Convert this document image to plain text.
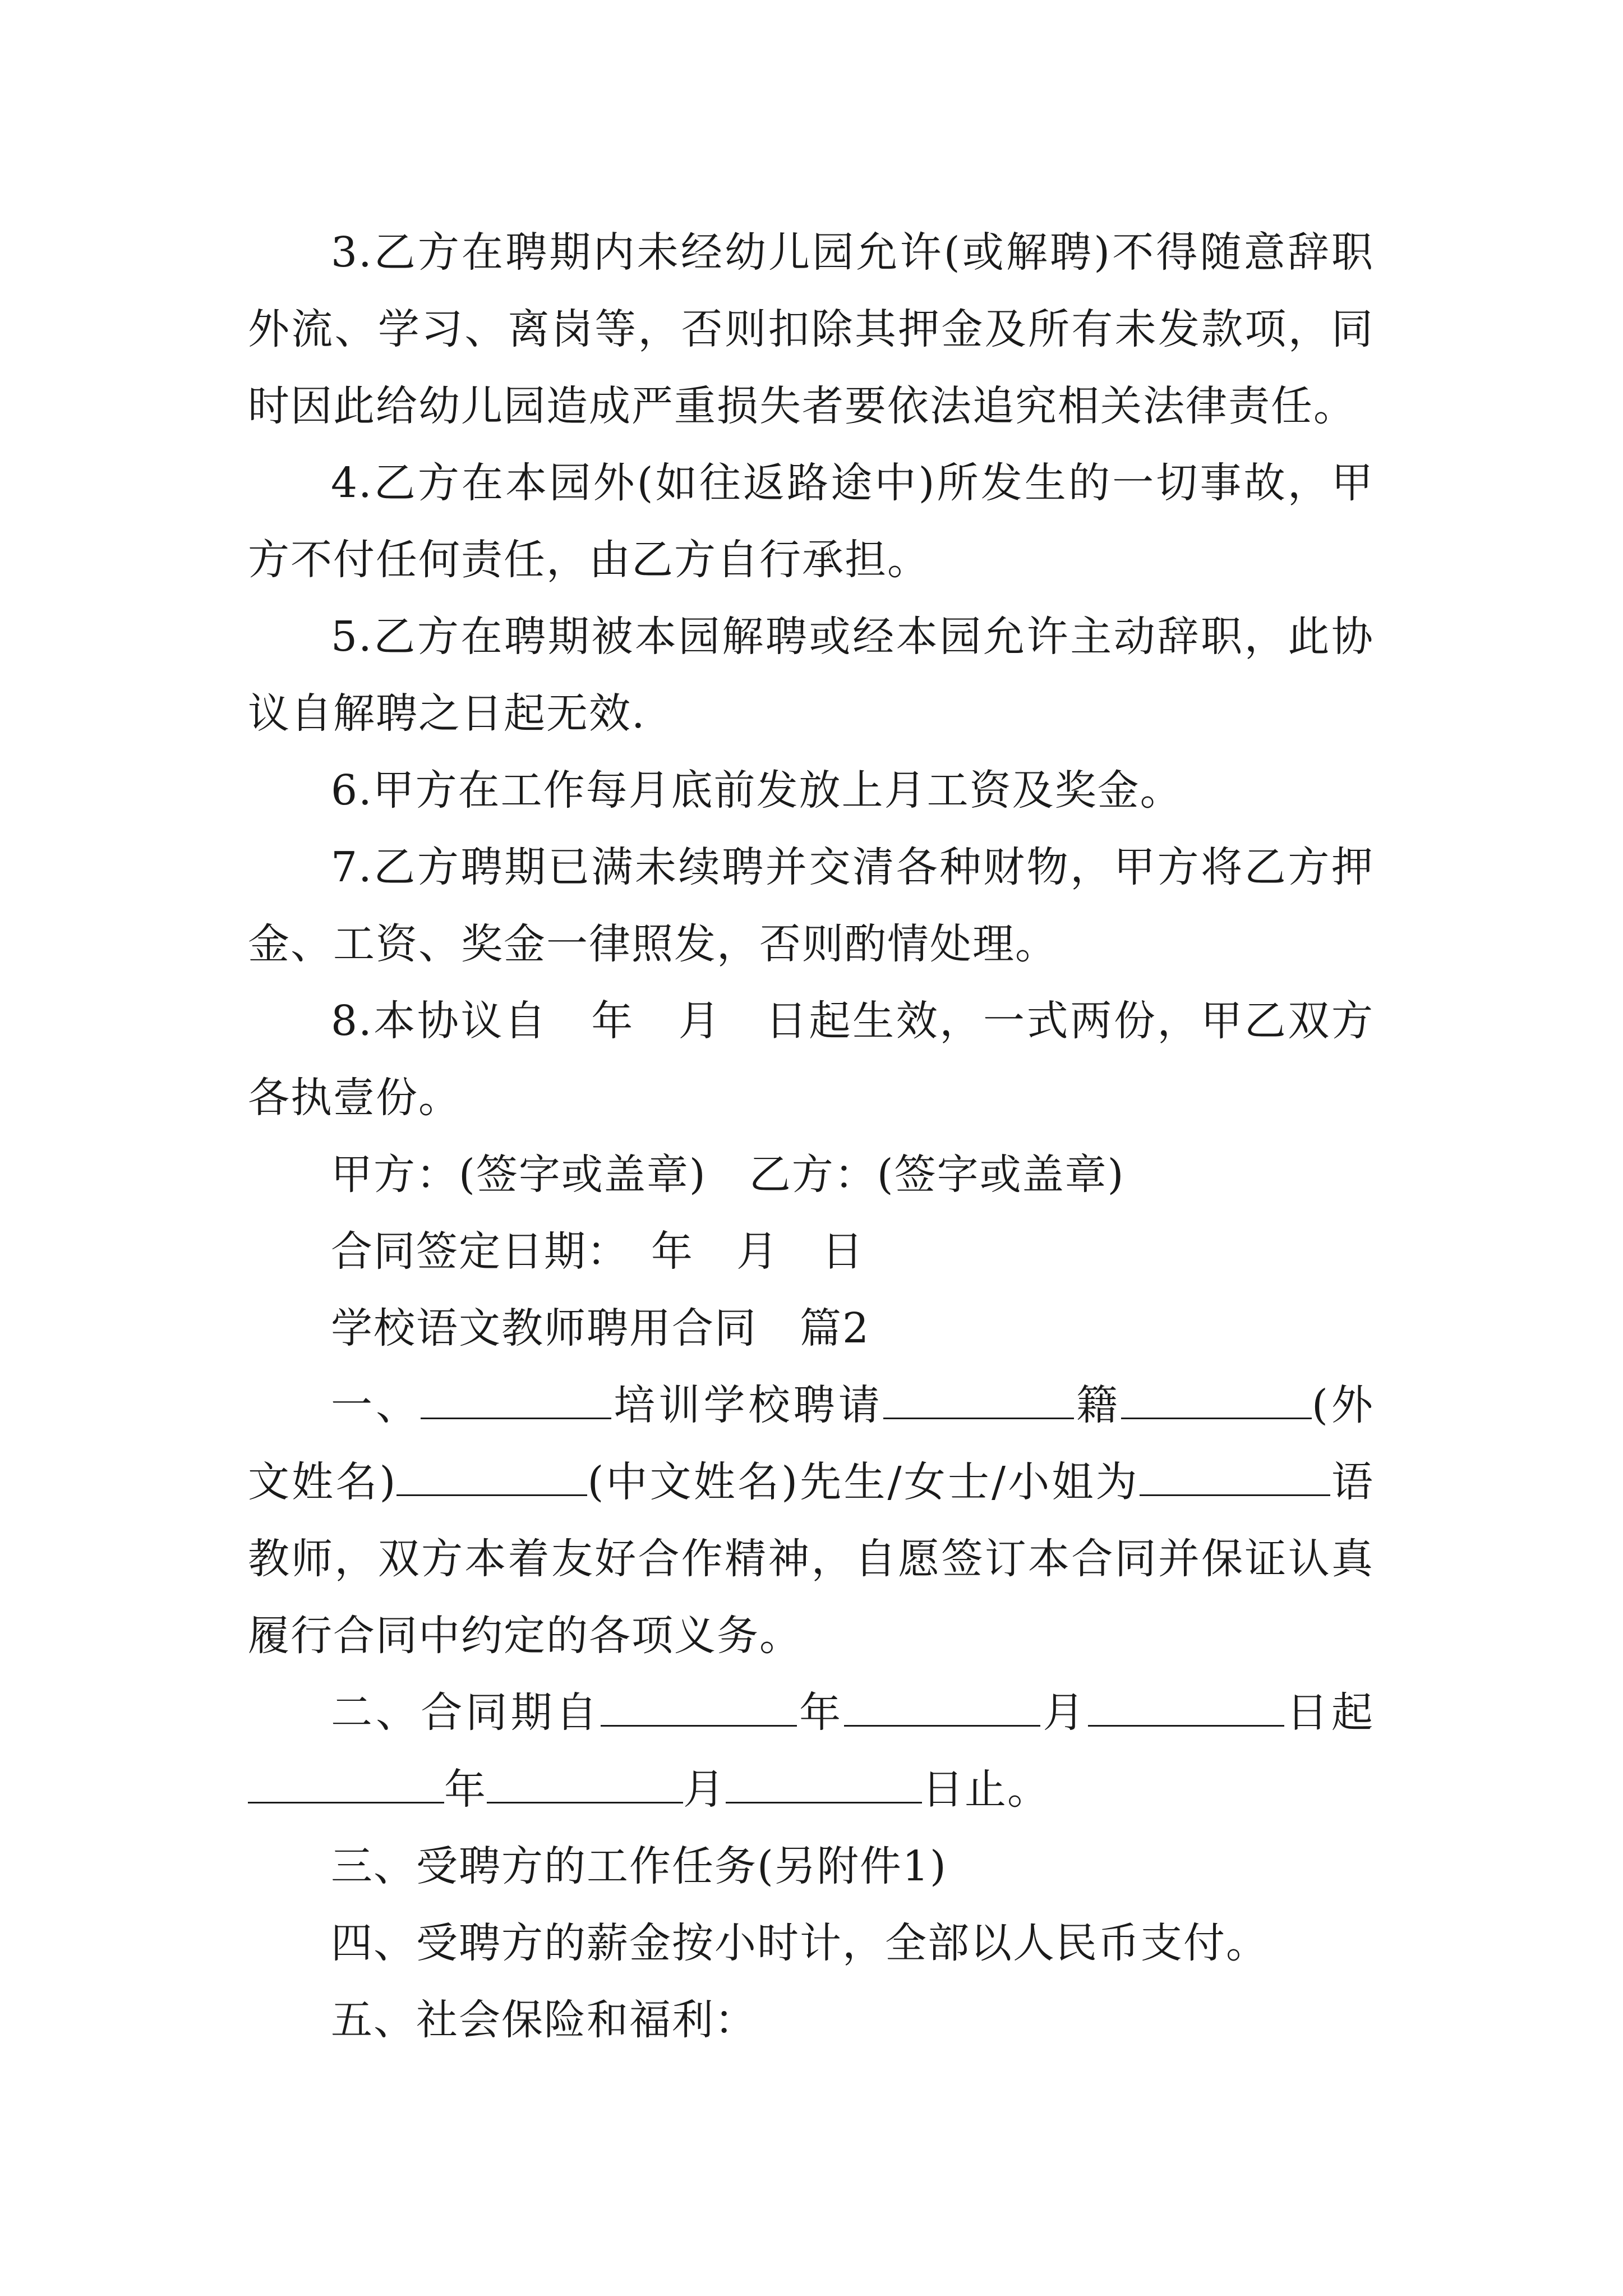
3.乙方在聘期内未经幼儿园允许(或解聘)不得随意辞职外流、学习、离岗等，否则扣除其押金及所有未发款项，同时因此给幼儿园造成严重损失者要依法追究相关法律责任。

4.乙方在本园外(如往返路途中)所发生的一切事故，甲方不付任何责任，由乙方自行承担。

5.乙方在聘期被本园解聘或经本园允许主动辞职，此协议自解聘之日起无效.

6.甲方在工作每月底前发放上月工资及奖金。

7.乙方聘期已满未续聘并交清各种财物，甲方将乙方押金、工资、奖金一律照发，否则酌情处理。

8.本协议自　年　月　日起生效，一式两份，甲乙双方各执壹份。

甲方：(签字或盖章)　乙方：(签字或盖章)

合同签定日期：　年　月　日

学校语文教师聘用合同　篇2

一、	培训学校聘请	籍	(外文姓名)	(中文姓名)先生/女士/小姐为	语教师，双方本着友好合作精神，自愿签订本合同并保证认真履行合同中约定的各项义务。

二、合同期自	年	月	日起年	月	日止。

三、受聘方的工作任务(另附件1)

四、受聘方的薪金按小时计，全部以人民币支付。

五、社会保险和福利：
